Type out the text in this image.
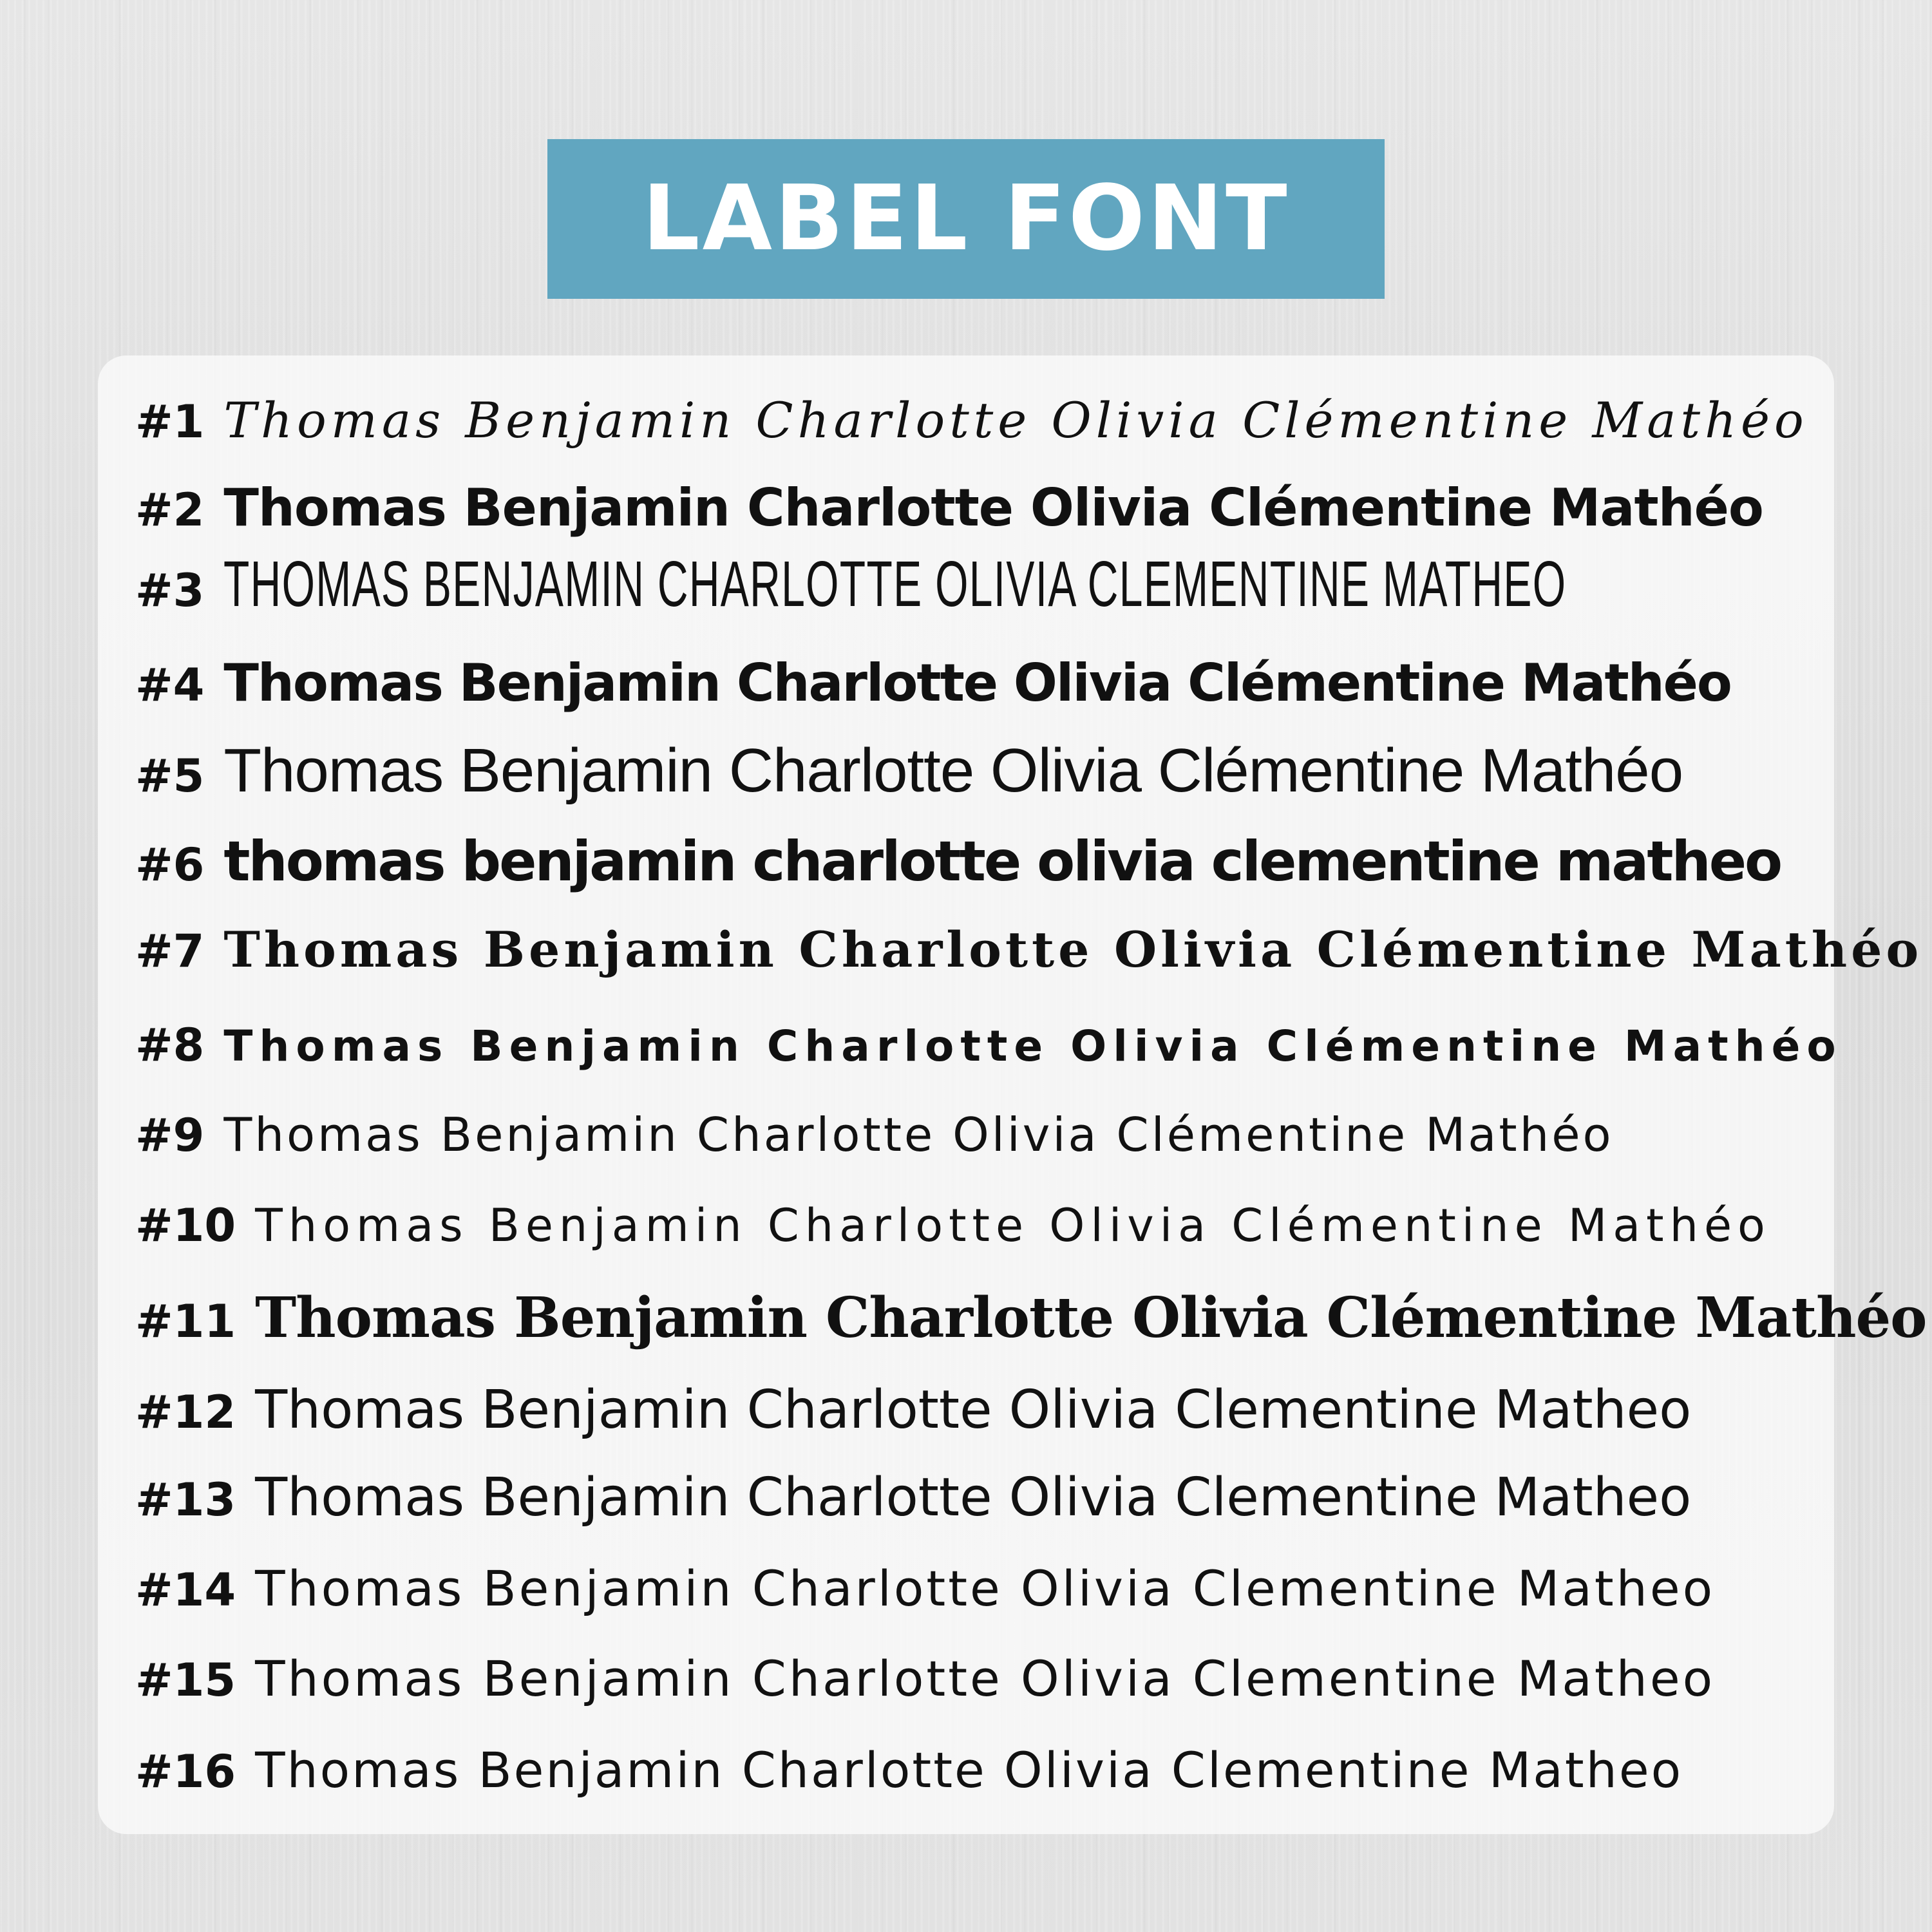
LABEL FONT
#1 Thomas Benjamin Charlotte Olivia Clémentine Mathéo
#2 Thomas Benjamin Charlotte Olivia Clémentine Mathéo
#3 THOMAS BENJAMIN CHARLOTTE OLIVIA CLEMENTINE MATHEO
#4 Thomas Benjamin Charlotte Olivia Clémentine Mathéo
#5 Thomas Benjamin Charlotte Olivia Clémentine Mathéo
#6 thomas benjamin charlotte olivia clementine matheo
#7 Thomas Benjamin Charlotte Olivia Clémentine Mathéo
#8 Thomas Benjamin Charlotte Olivia Clémentine Mathéo
#9 Thomas Benjamin Charlotte Olivia Clémentine Mathéo
#10 Thomas Benjamin Charlotte Olivia Clémentine Mathéo
#11 Thomas Benjamin Charlotte Olivia Clémentine Mathéo
#12 Thomas Benjamin Charlotte Olivia Clementine Matheo
#13 Thomas Benjamin Charlotte Olivia Clementine Matheo
#14 Thomas Benjamin Charlotte Olivia Clementine Matheo
#15 Thomas Benjamin Charlotte Olivia Clementine Matheo
#16 Thomas Benjamin Charlotte Olivia Clementine Matheo
